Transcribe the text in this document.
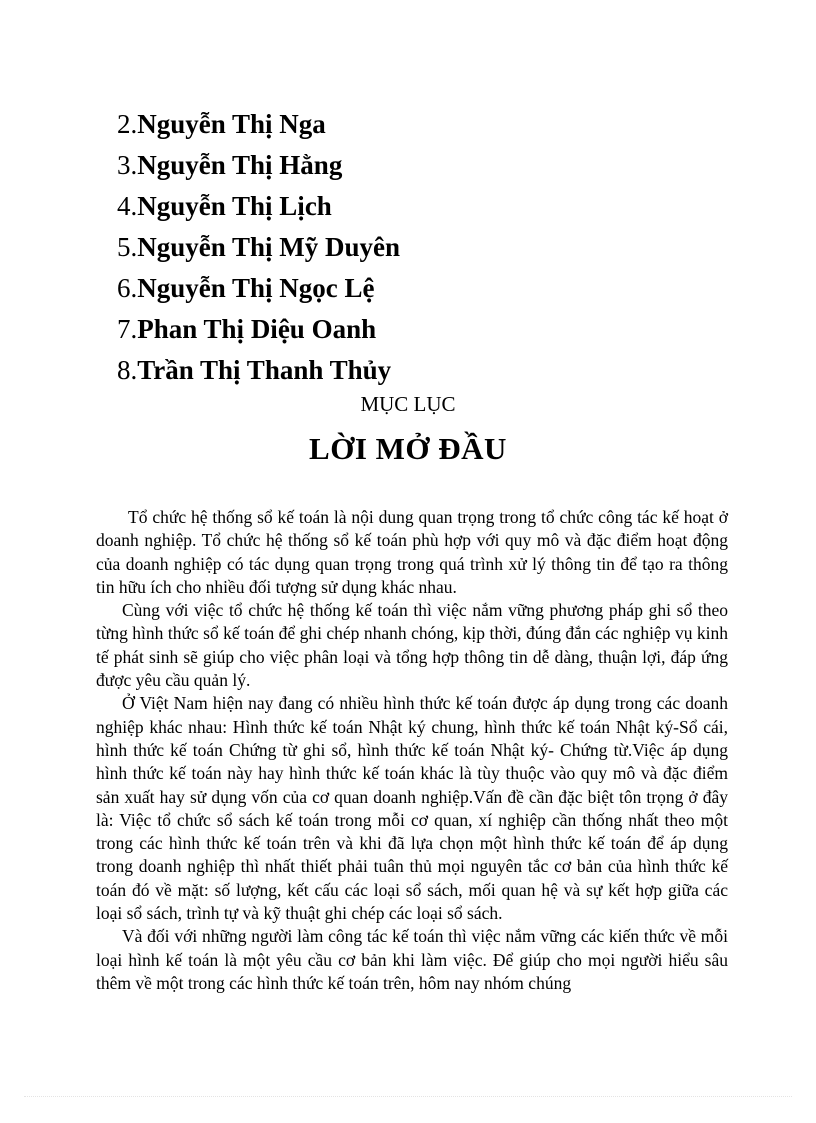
2.Nguyễn Thị Nga
3.Nguyễn Thị Hằng
4.Nguyễn Thị Lịch
5.Nguyễn Thị Mỹ Duyên
6.Nguyễn Thị Ngọc Lệ
7.Phan Thị Diệu Oanh
8.Trần Thị Thanh Thủy
MỤC LỤC
LỜI MỞ ĐẦU

Tổ chức hệ thống sổ kế toán là nội dung quan trọng trong tổ chức công tác kế hoạt ở doanh nghiệp. Tổ chức hệ thống sổ kế toán phù hợp với quy mô và đặc điểm hoạt động của doanh nghiệp có tác dụng quan trọng trong quá trình xử lý thông tin để tạo ra thông tin hữu ích cho nhiều đối tượng sử dụng khác nhau.

Cùng với việc tổ chức hệ thống kế toán thì việc nắm vững phương pháp ghi sổ theo từng hình thức sổ kế toán để ghi chép nhanh chóng, kịp thời, đúng đắn các nghiệp vụ kinh tế phát sinh sẽ giúp cho việc phân loại và tổng hợp thông tin dễ dàng, thuận lợi, đáp ứng được yêu cầu quản lý.

Ở Việt Nam hiện nay đang có nhiều hình thức kế toán được áp dụng trong các doanh nghiệp khác nhau: Hình thức kế toán Nhật ký chung, hình thức kế toán Nhật ký-Sổ cái, hình thức kế toán Chứng từ ghi sổ, hình thức kế toán Nhật ký- Chứng từ.Việc áp dụng hình thức kế toán này hay hình thức kế toán khác là tùy thuộc vào quy mô và đặc điểm sản xuất hay sử dụng vốn của cơ quan doanh nghiệp.Vấn đề cần đặc biệt tôn trọng ở đây là: Việc tổ chức sổ sách kế toán trong mỗi cơ quan, xí nghiệp cần thống nhất theo một trong các hình thức kế toán trên và khi đã lựa chọn một hình thức kế toán để áp dụng trong doanh nghiệp thì nhất thiết phải tuân thủ mọi nguyên tắc cơ bản của hình thức kế toán đó về mặt: số lượng, kết cấu các loại sổ sách, mối quan hệ và sự kết hợp giữa các loại sổ sách, trình tự và kỹ thuật ghi chép các loại sổ sách.

Và đối với những người làm công tác kế toán thì việc nắm vững các kiến thức về mỗi loại hình kế toán là một yêu cầu cơ bản khi làm việc. Để giúp cho mọi người hiểu sâu thêm về một trong các hình thức kế toán trên, hôm nay nhóm chúng
